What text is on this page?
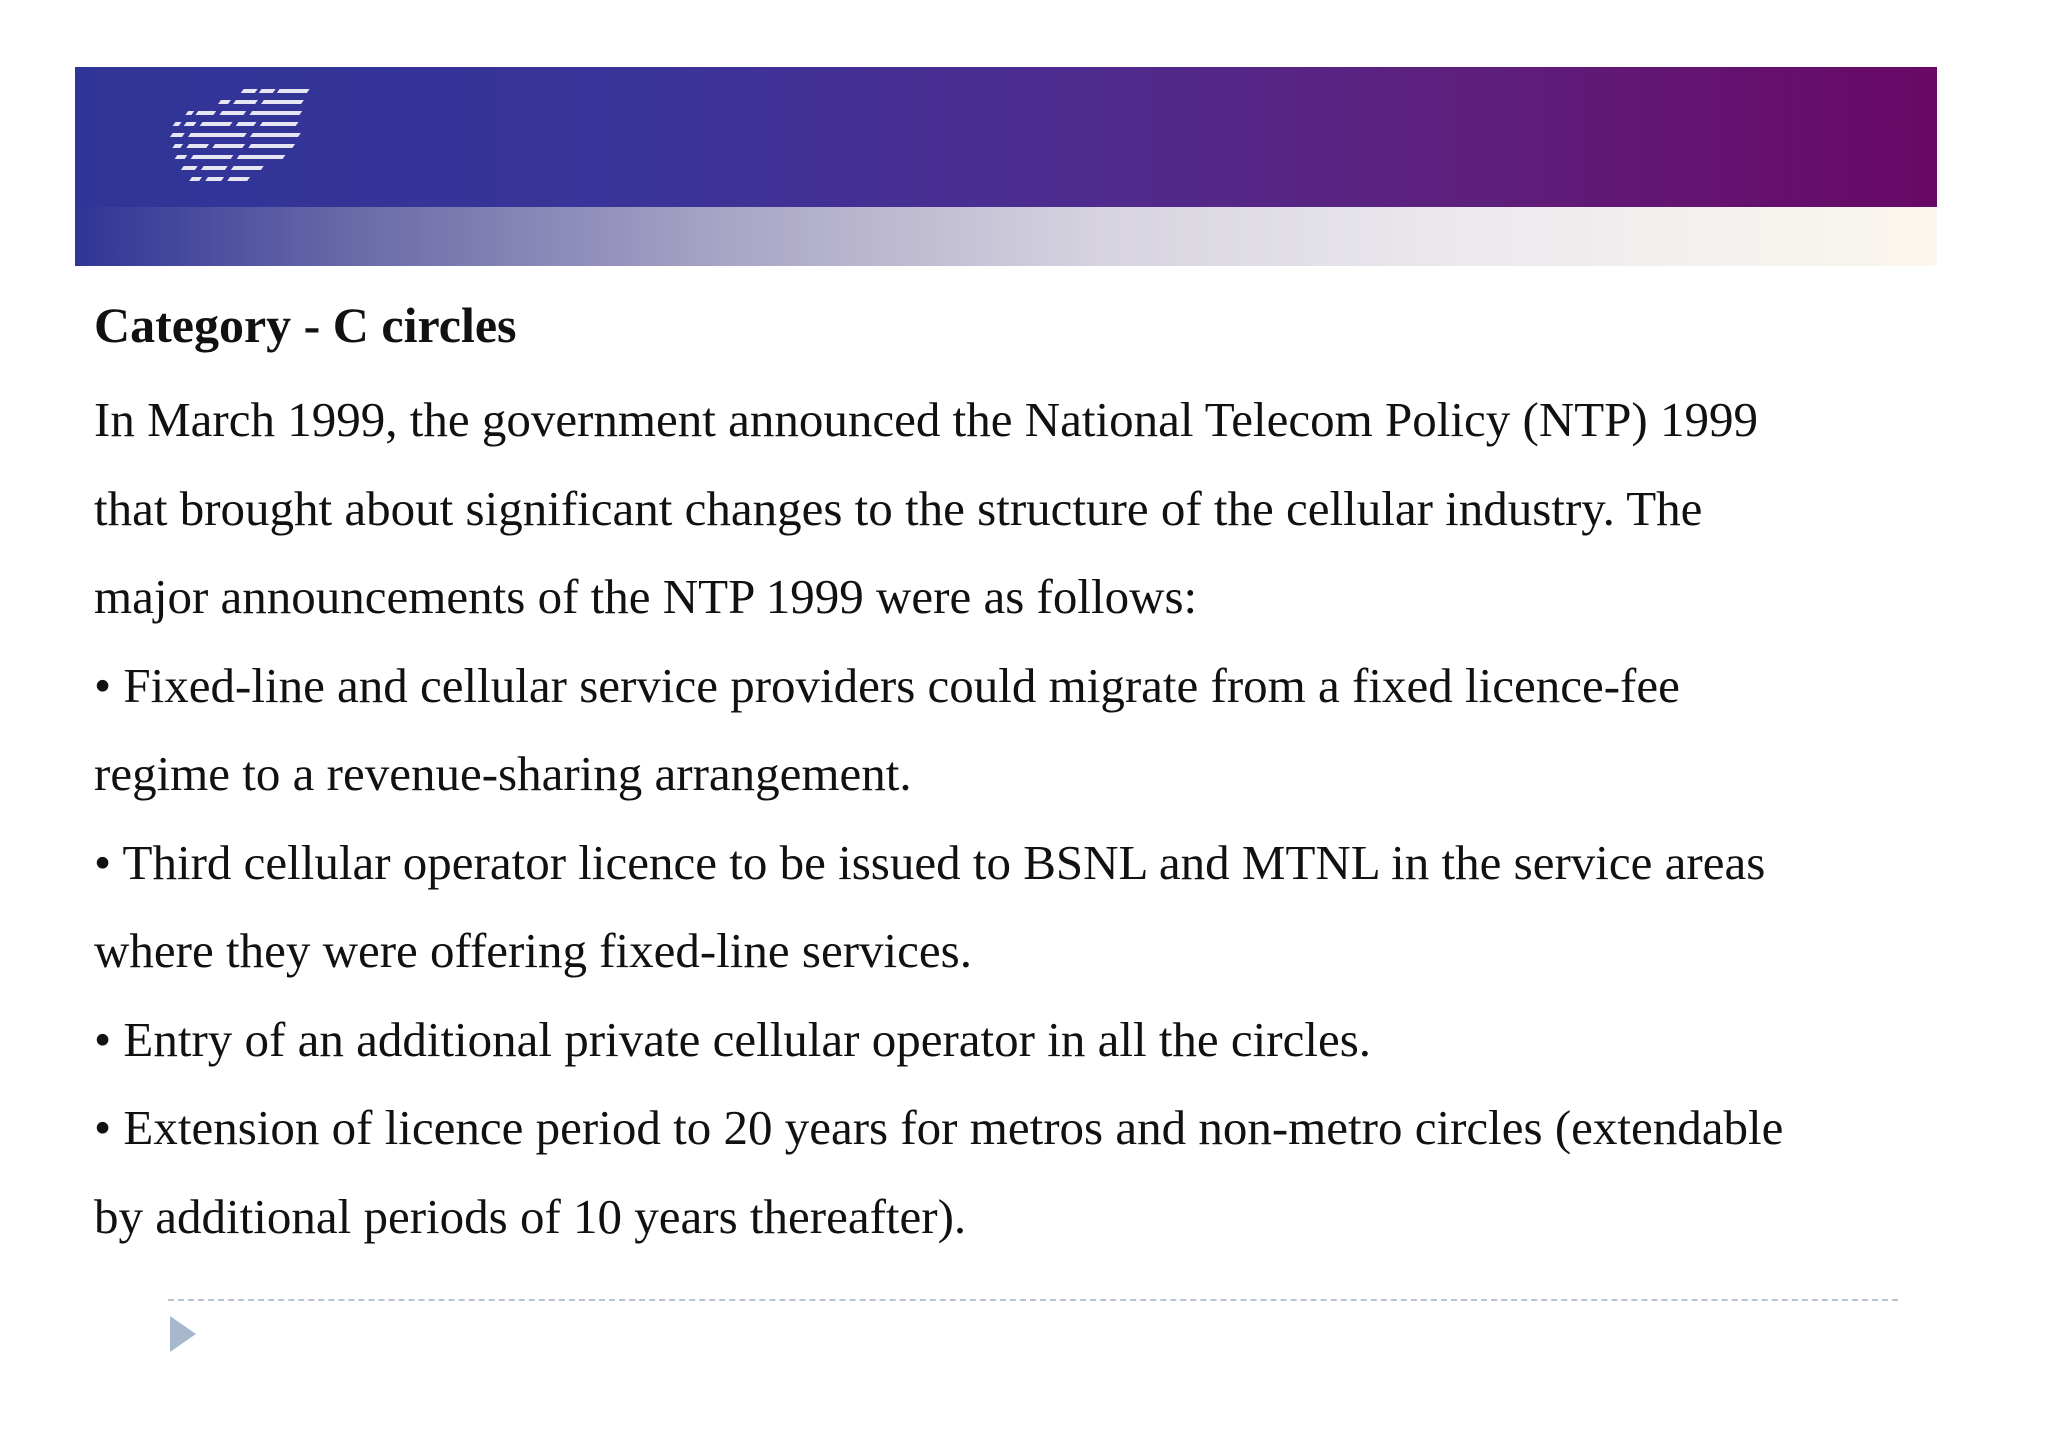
Category - C circles
In March 1999, the government announced the National Telecom Policy (NTP) 1999
that brought about significant changes to the structure of the cellular industry. The
major announcements of the NTP 1999 were as follows:
• Fixed-line and cellular service providers could migrate from a fixed licence-fee
regime to a revenue-sharing arrangement.
• Third cellular operator licence to be issued to BSNL and MTNL in the service areas
where they were offering fixed-line services.
• Entry of an additional private cellular operator in all the circles.
• Extension of licence period to 20 years for metros and non-metro circles (extendable
by additional periods of 10 years thereafter).
